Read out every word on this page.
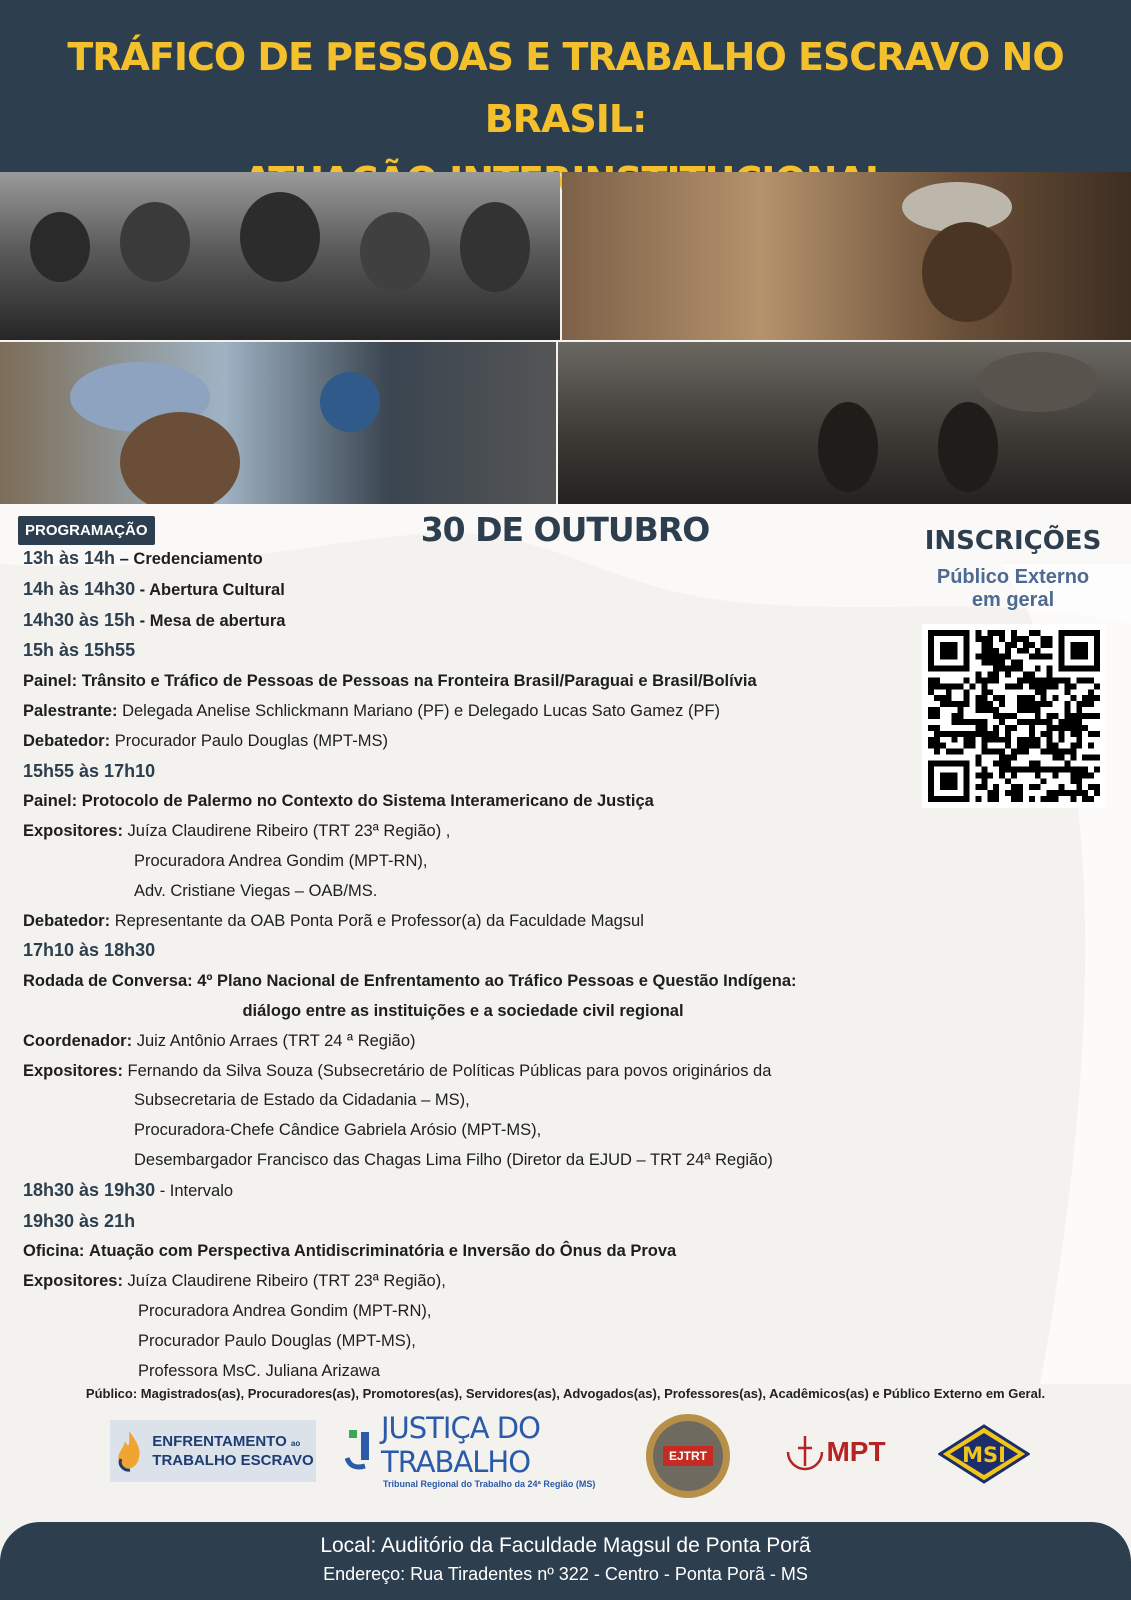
TRÁFICO DE PESSOAS E TRABALHO ESCRAVO NO BRASIL:
PROGRAMAÇÃO	30 DE OUTUBRO	INSCRIÇÕES
Público Externo
em geral
13h às 14h – Credenciamento
14h às 14h30 - Abertura Cultural
14h30 às 15h - Mesa de abertura
15h às 15h55
Painel: Trânsito e Tráfico de Pessoas de Pessoas na Fronteira Brasil/Paraguai e Brasil/Bolívia
Palestrante: Delegada Anelise Schlickmann Mariano (PF) e Delegado Lucas Sato Gamez (PF)
Debatedor: Procurador Paulo Douglas (MPT-MS)
15h55 às 17h10
Painel: Protocolo de Palermo no Contexto do Sistema Interamericano de Justiça
Expositores: Juíza Claudirene Ribeiro (TRT 23ª Região) ,
Procuradora Andrea Gondim (MPT-RN),
Adv. Cristiane Viegas – OAB/MS.
Debatedor: Representante da OAB Ponta Porã e Professor(a) da Faculdade Magsul
17h10 às 18h30
Rodada de Conversa: 4º Plano Nacional de Enfrentamento ao Tráfico Pessoas e Questão Indígena:
diálogo entre as instituições e a sociedade civil regional
Coordenador: Juiz Antônio Arraes (TRT 24 ª Região)
Expositores: Fernando da Silva Souza (Subsecretário de Políticas Públicas para povos originários da
Subsecretaria de Estado da Cidadania – MS),
Procuradora-Chefe Cândice Gabriela Arósio (MPT-MS),
Desembargador Francisco das Chagas Lima Filho (Diretor da EJUD – TRT 24ª Região)
18h30 às 19h30 - Intervalo
19h30 às 21h
Oficina: Atuação com Perspectiva Antidiscriminatória e Inversão do Ônus da Prova
Expositores: Juíza Claudirene Ribeiro (TRT 23ª Região),
Procuradora Andrea Gondim (MPT-RN),
Procurador Paulo Douglas (MPT-MS),
Professora MsC. Juliana Arizawa
Público: Magistrados(as), Procuradores(as), Promotores(as), Servidores(as), Advogados(as), Professores(as), Acadêmicos(as) e Público Externo em Geral.
ENFRENTAMENTO ao
TRABALHO ESCRAVO
JUSTIÇA DO TRABALHO
Tribunal Regional do Trabalho da 24ª Região (MS)
EJTRT	MPT	MSI
Local: Auditório da Faculdade Magsul de Ponta Porã
Endereço: Rua Tiradentes nº 322 - Centro - Ponta Porã - MS
